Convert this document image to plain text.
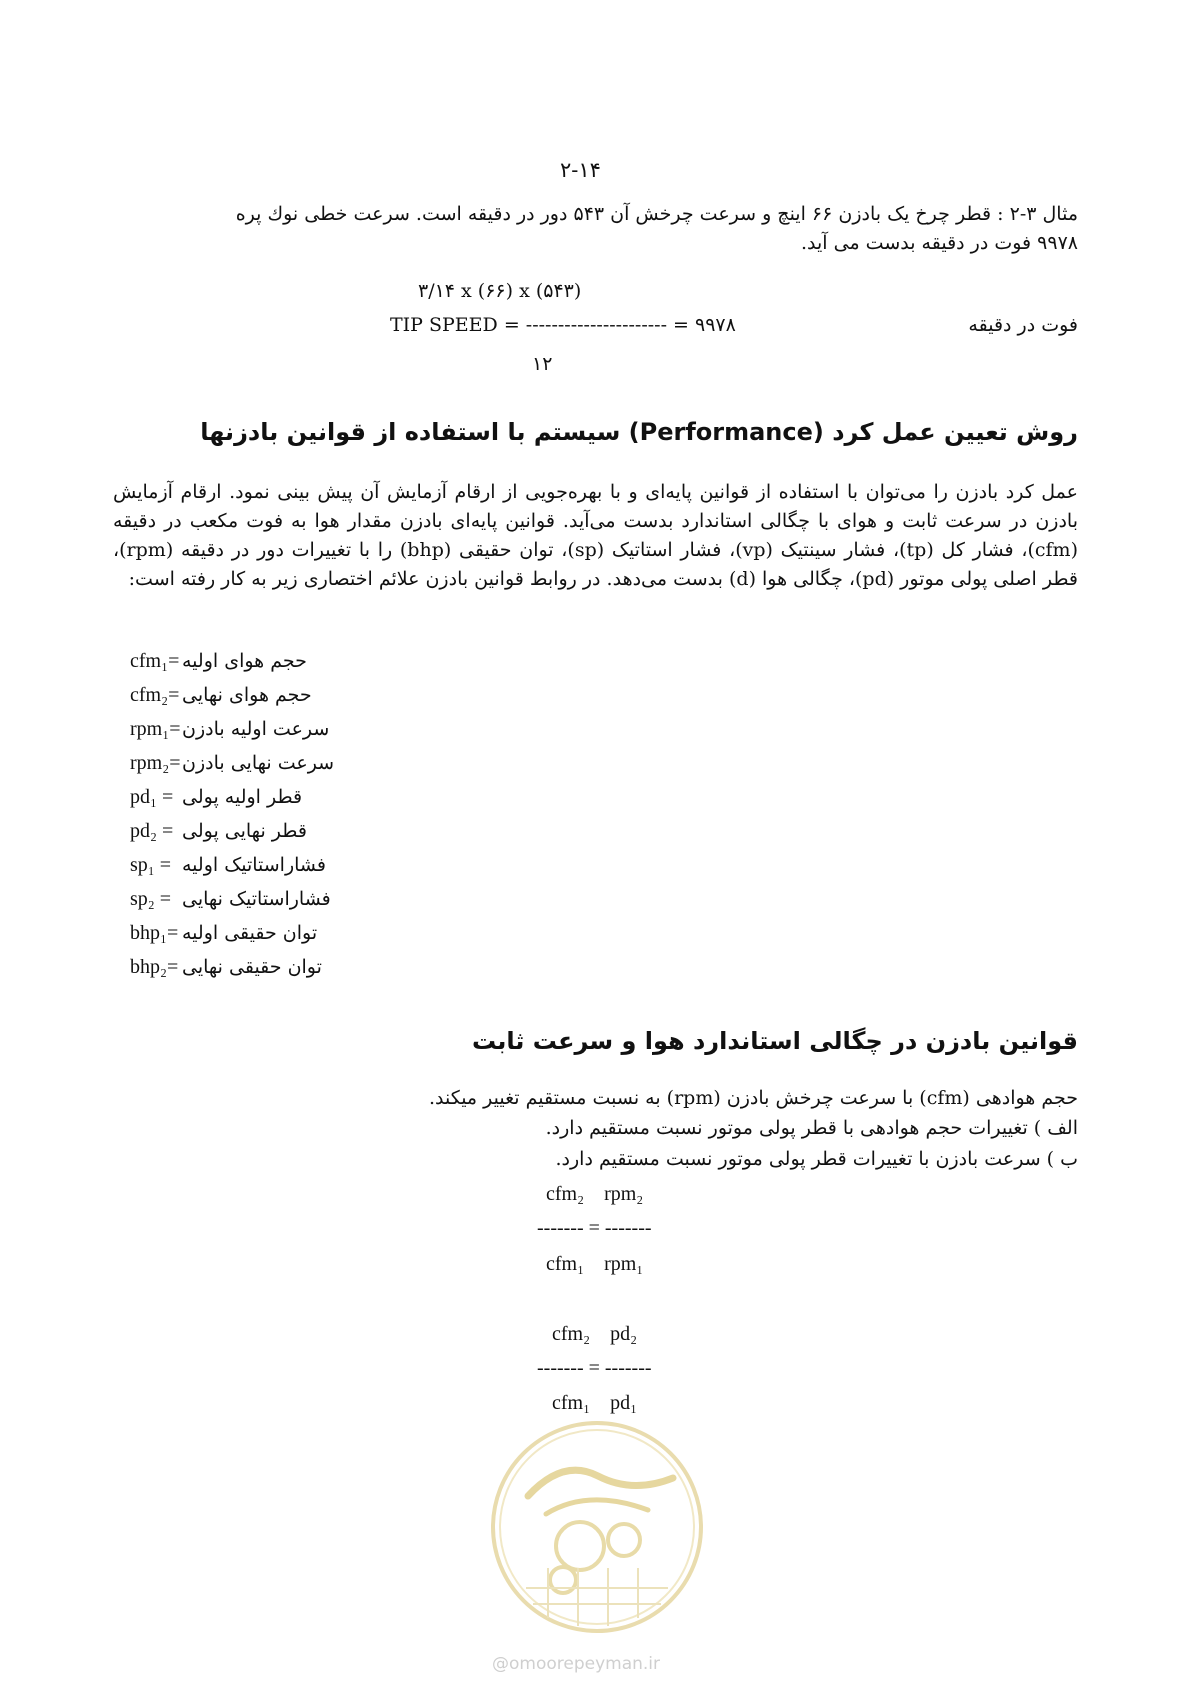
۲-۱۴
مثال ۳-۲ : قطر چرخ یک بادزن ۶۶ اینچ و سرعت چرخش آن ۵۴۳ دور در دقیقه است. سرعت خطی نوك پره
۹۹۷۸ فوت در دقیقه بدست می آید.
۳/۱۴ x (۶۶) x (۵۴۳)
TIP SPEED = ---------------------- = ۹۹۷۸	فوت در دقیقه
۱۲
روش تعیین عمل کرد (Performance) سیستم با استفاده از قوانین بادزنها
عمل کرد بادزن را می‌توان با استفاده از قوانین پایه‌ای و با بهره‌جویی از ارقام آزمایش آن پیش بینی نمود. ارقام آزمایش بادزن در سرعت ثابت و هوای با چگالی استاندارد بدست می‌آید. قوانین پایه‌ای بادزن مقدار هوا به فوت مکعب در دقیقه (cfm)، فشار کل (tp)، فشار سینتیک (vp)، فشار استاتیک (sp)، توان حقیقی (bhp) را با تغییرات دور در دقیقه (rpm)، قطر اصلی پولی موتور (pd)، چگالی هوا (d) بدست می‌دهد. در روابط قوانین بادزن علائم اختصاری زیر به کار رفته است:
cfm₁= حجم هوای اولیه
cfm₂= حجم هوای نهایی
rpm₁=سرعت اولیه بادزن
rpm₂=سرعت نهایی بادزن
pd₁ = قطر اولیه پولی
pd₂ = قطر نهایی پولی
sp₁ = فشاراستاتیک اولیه
sp₂ = فشاراستاتیک نهایی
bhp₁= توان حقیقی اولیه
bhp₂= توان حقیقی نهایی
قوانین بادزن در چگالی استاندارد هوا و سرعت ثابت
حجم هوادهی (cfm) با سرعت چرخش بادزن (rpm) به نسبت مستقیم تغییر میکند.
الف ) تغییرات حجم هوادهی با قطر پولی موتور نسبت مستقیم دارد.
ب ) سرعت بادزن با تغییرات قطر پولی موتور نسبت مستقیم دارد.
cfm₂    rpm₂
------- = -------
cfm₁    rpm₁
cfm₂    pd₂
------- = -------
cfm₁    pd₁
@omoorepeyman.ir
